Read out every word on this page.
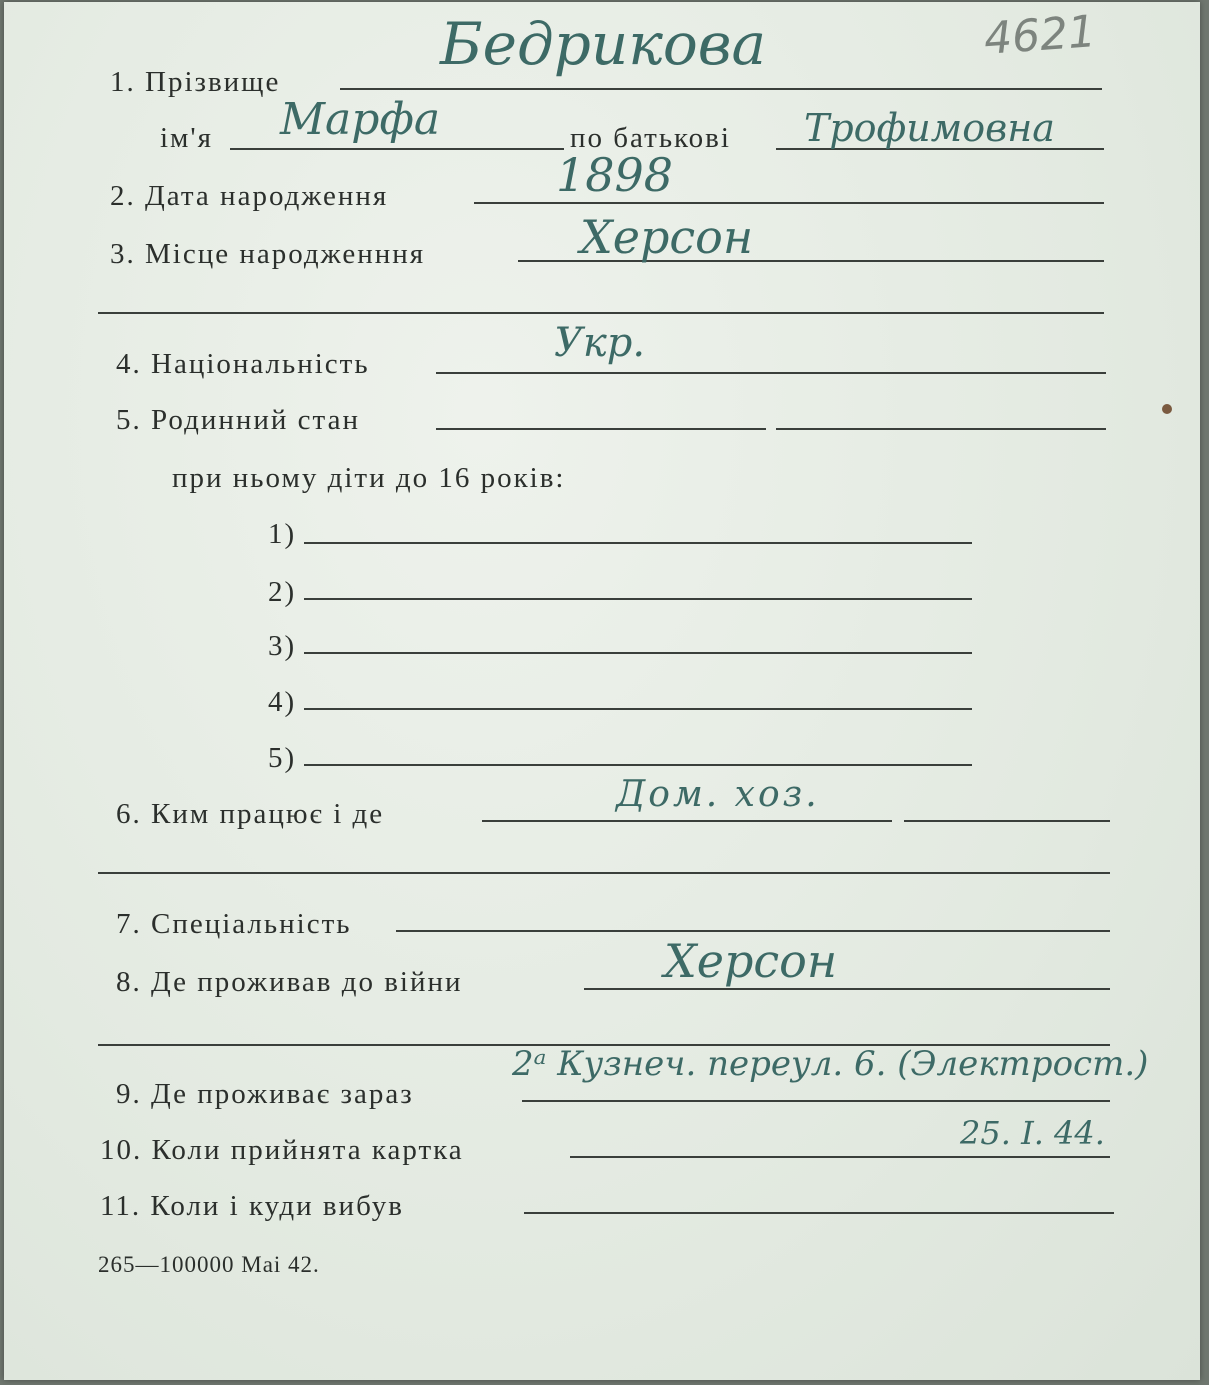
4621
1. Прізвище
Бедрикова
ім'я Марфа	по батькові Трофимовна
2. Дата народження	1898
3. Місце народженння	Херсон
4. Національність	Укр.
5. Родинний стан
при ньому діти до 16 років:
1)
2)
3)
4)
5)
6. Ким працює і де	Дом. хоз.
7. Спеціальність
8. Де проживав до війни	Херсон
9. Де проживає зараз
2ᵃ Кузнеч. переул. 6. (Электрост.)
10. Коли прийнята картка	25. I. 44.
11. Коли і куди вибув
265—100000 Mai 42.
